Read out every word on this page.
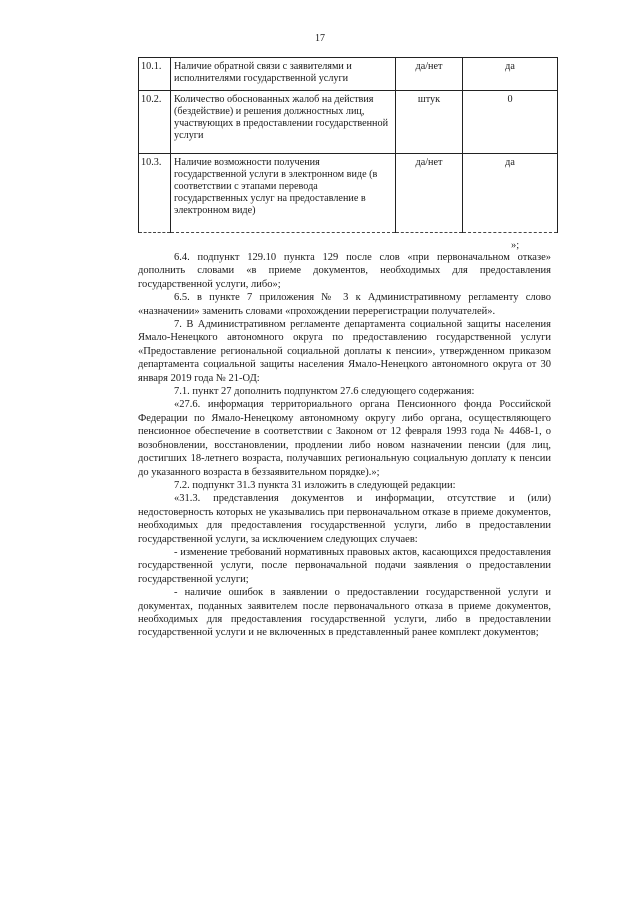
17
10.1.	Наличие обратной связи с заявителями и исполнителями государственной услуги	да/нет	да
10.2.	Количество обоснованных жалоб на действия (бездействие) и решения должностных лиц, участвующих в предоставлении государственной услуги	штук	0
10.3.	Наличие возможности получения государственной услуги в электронном виде (в соответствии с этапами перевода государственных услуг на предоставление в электронном виде)	да/нет	да
»;

6.4. подпункт 129.10 пункта 129 после слов «при первоначальном отказе» дополнить словами «в приеме документов, необходимых для предоставления государственной услуги, либо»;

6.5. в пункте 7 приложения № 3 к Административному регламенту слово «назначении» заменить словами «прохождении перерегистрации получателей».

7. В Административном регламенте департамента социальной защиты населения Ямало-Ненецкого автономного округа по предоставлению государственной услуги «Предоставление региональной социальной доплаты к пенсии», утвержденном приказом департамента социальной защиты населения Ямало-Ненецкого автономного округа от 30 января 2019 года № 21-ОД:

7.1. пункт 27 дополнить подпунктом 27.6 следующего содержания:

«27.6. информация территориального органа Пенсионного фонда Российской Федерации по Ямало-Ненецкому автономному округу либо органа, осуществляющего пенсионное обеспечение в соответствии с Законом от 12 февраля 1993 года № 4468-1, о возобновлении, восстановлении, продлении либо новом назначении пенсии (для лиц, достигших 18-летнего возраста, получавших региональную социальную доплату к пенсии до указанного возраста в беззаявительном порядке).»;

7.2. подпункт 31.3 пункта 31 изложить в следующей редакции:

«31.3. представления документов и информации, отсутствие и (или) недостоверность которых не указывались при первоначальном отказе в приеме документов, необходимых для предоставления государственной услуги, либо в предоставлении государственной услуги, за исключением следующих случаев:

- изменение требований нормативных правовых актов, касающихся предоставления государственной услуги, после первоначальной подачи заявления о предоставлении государственной услуги;

- наличие ошибок в заявлении о предоставлении государственной услуги и документах, поданных заявителем после первоначального отказа в приеме документов, необходимых для предоставления государственной услуги, либо в предоставлении государственной услуги и не включенных в представленный ранее комплект документов;
